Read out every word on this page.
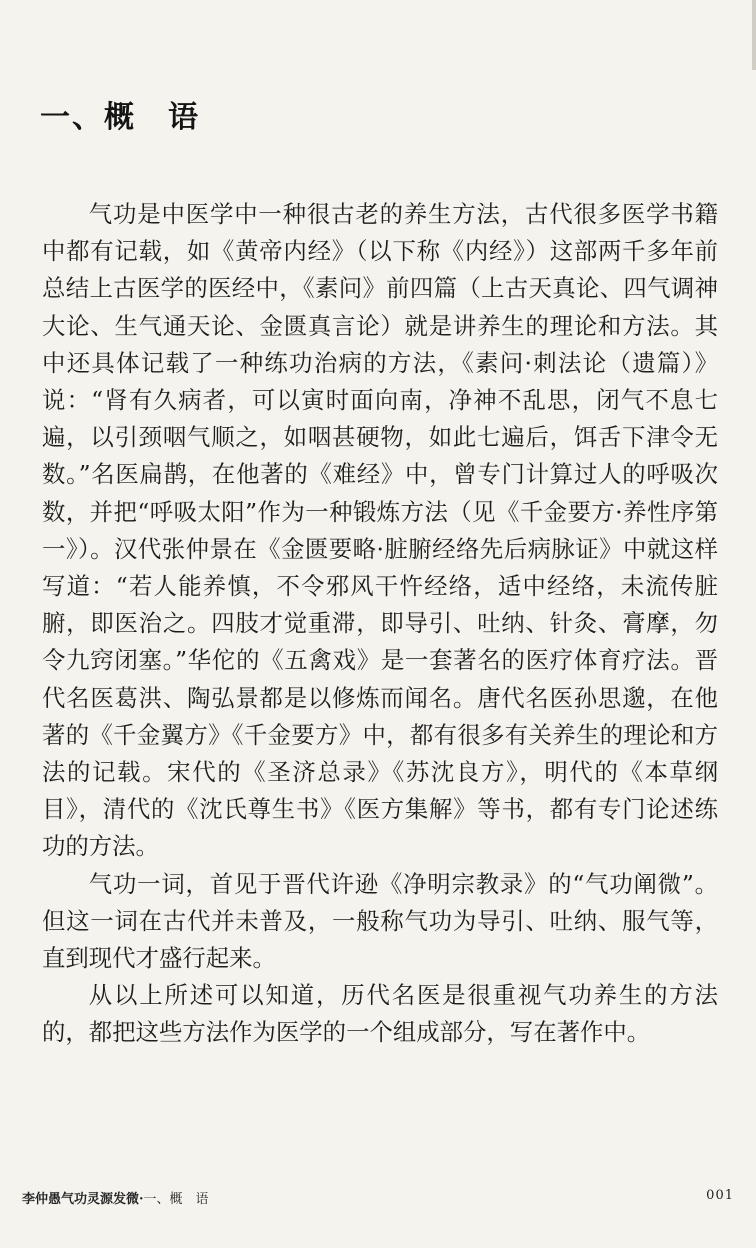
一、概　语

气功是中医学中一种很古老的养生方法，古代很多医学书籍中都有记载，如《黄帝内经》（以下称《内经》）这部两千多年前总结上古医学的医经中，《素问》前四篇（上古天真论、四气调神大论、生气通天论、金匮真言论）就是讲养生的理论和方法。其中还具体记载了一种练功治病的方法，《素问·刺法论（遗篇）》说：“肾有久病者，可以寅时面向南，净神不乱思，闭气不息七遍，以引颈咽气顺之，如咽甚硬物，如此七遍后，饵舌下津令无数。”名医扁鹊，在他著的《难经》中，曾专门计算过人的呼吸次数，并把“呼吸太阳”作为一种锻炼方法（见《千金要方·养性序第一》）。汉代张仲景在《金匮要略·脏腑经络先后病脉证》中就这样写道：“若人能养慎，不令邪风干忤经络，适中经络，未流传脏腑，即医治之。四肢才觉重滞，即导引、吐纳、针灸、膏摩，勿令九窍闭塞。”华佗的《五禽戏》是一套著名的医疗体育疗法。晋代名医葛洪、陶弘景都是以修炼而闻名。唐代名医孙思邈，在他著的《千金翼方》《千金要方》中，都有很多有关养生的理论和方法的记载。宋代的《圣济总录》《苏沈良方》，明代的《本草纲目》，清代的《沈氏尊生书》《医方集解》等书，都有专门论述练功的方法。

气功一词，首见于晋代许逊《净明宗教录》的“气功阐微”。但这一词在古代并未普及，一般称气功为导引、吐纳、服气等，直到现代才盛行起来。

从以上所述可以知道，历代名医是很重视气功养生的方法的，都把这些方法作为医学的一个组成部分，写在著作中。

李仲愚气功灵源发微·一、概　语	001
